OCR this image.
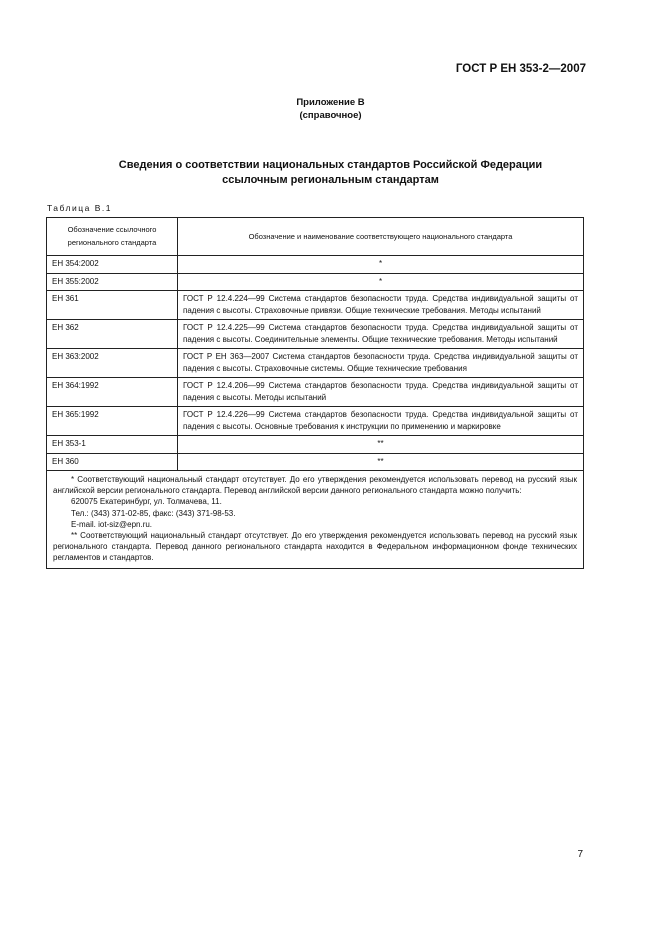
ГОСТ Р ЕН 353-2—2007
Приложение В
(справочное)
Сведения о соответствии национальных стандартов Российской Федерации
ссылочным региональным стандартам
Таблица В.1
Обозначение ссылочного регионального стандарта	Обозначение и наименование соответствующего национального стандарта
ЕН 354:2002	*
ЕН 355:2002	*
ЕН 361	ГОСТ Р 12.4.224—99 Система стандартов безопасности труда. Средства индивидуальной защиты от падения с высоты. Страховочные привязи. Общие технические требования. Методы испытаний
ЕН 362	ГОСТ Р 12.4.225—99 Система стандартов безопасности труда. Средства индивидуальной защиты от падения с высоты. Соединительные элементы. Общие технические требования. Методы испытаний
ЕН 363:2002	ГОСТ Р ЕН 363—2007 Система стандартов безопасности труда. Средства индивидуальной защиты от падения с высоты. Страховочные системы. Общие технические требования
ЕН 364:1992	ГОСТ Р 12.4.206—99 Система стандартов безопасности труда. Средства индивидуальной защиты от падения с высоты. Методы испытаний
ЕН 365:1992	ГОСТ Р 12.4.226—99 Система стандартов безопасности труда. Средства индивидуальной защиты от падения с высоты. Основные требования к инструкции по применению и маркировке
ЕН 353-1	**
ЕН 360	**

* Соответствующий национальный стандарт отсутствует. До его утверждения рекомендуется использовать перевод на русский язык английской версии регионального стандарта. Перевод английской версии данного регионального стандарта можно получить:
620075 Екатеринбург, ул. Толмачева, 11.
Тел.: (343) 371-02-85, факс: (343) 371-98-53.
E-mail. iot-siz@epn.ru.
** Соответствующий национальный стандарт отсутствует. До его утверждения рекомендуется использовать перевод на русский язык регионального стандарта. Перевод данного регионального стандарта находится в Федеральном информационном фонде технических регламентов и стандартов.	
7
